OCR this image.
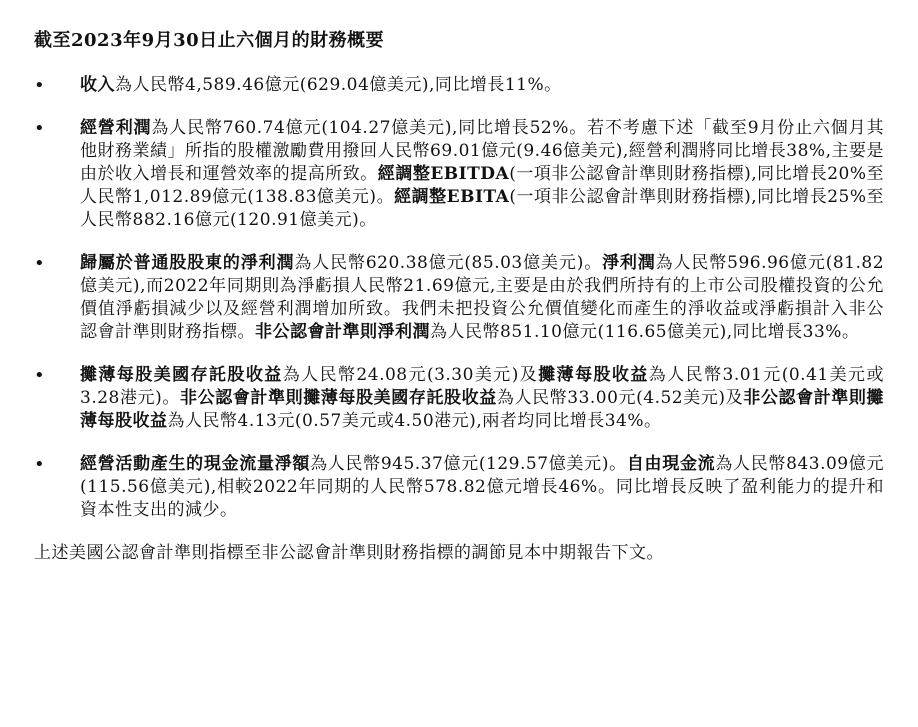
截至2023年9月30日止六個月的財務概要
•	收入為人民幣4,589.46億元(629.04億美元),同比增長11%。
•	經營利潤為人民幣760.74億元(104.27億美元),同比增長52%。若不考慮下述「截至9月份止六個月其他財務業績」所指的股權激勵費用撥回人民幣69.01億元(9.46億美元),經營利潤將同比增長38%,主要是由於收入增長和運營效率的提高所致。經調整EBITDA(一項非公認會計準則財務指標),同比增長20%至人民幣1,012.89億元(138.83億美元)。經調整EBITA(一項非公認會計準則財務指標),同比增長25%至人民幣882.16億元(120.91億美元)。
•	歸屬於普通股股東的淨利潤為人民幣620.38億元(85.03億美元)。淨利潤為人民幣596.96億元(81.82億美元),而2022年同期則為淨虧損人民幣21.69億元,主要是由於我們所持有的上市公司股權投資的公允價值淨虧損減少以及經營利潤增加所致。我們未把投資公允價值變化而產生的淨收益或淨虧損計入非公認會計準則財務指標。非公認會計準則淨利潤為人民幣851.10億元(116.65億美元),同比增長33%。
•	攤薄每股美國存託股收益為人民幣24.08元(3.30美元)及攤薄每股收益為人民幣3.01元(0.41美元或3.28港元)。非公認會計準則攤薄每股美國存託股收益為人民幣33.00元(4.52美元)及非公認會計準則攤薄每股收益為人民幣4.13元(0.57美元或4.50港元),兩者均同比增長34%。
•	經營活動產生的現金流量淨額為人民幣945.37億元(129.57億美元)。自由現金流為人民幣843.09億元(115.56億美元),相較2022年同期的人民幣578.82億元增長46%。同比增長反映了盈利能力的提升和資本性支出的減少。
上述美國公認會計準則指標至非公認會計準則財務指標的調節見本中期報告下文。
